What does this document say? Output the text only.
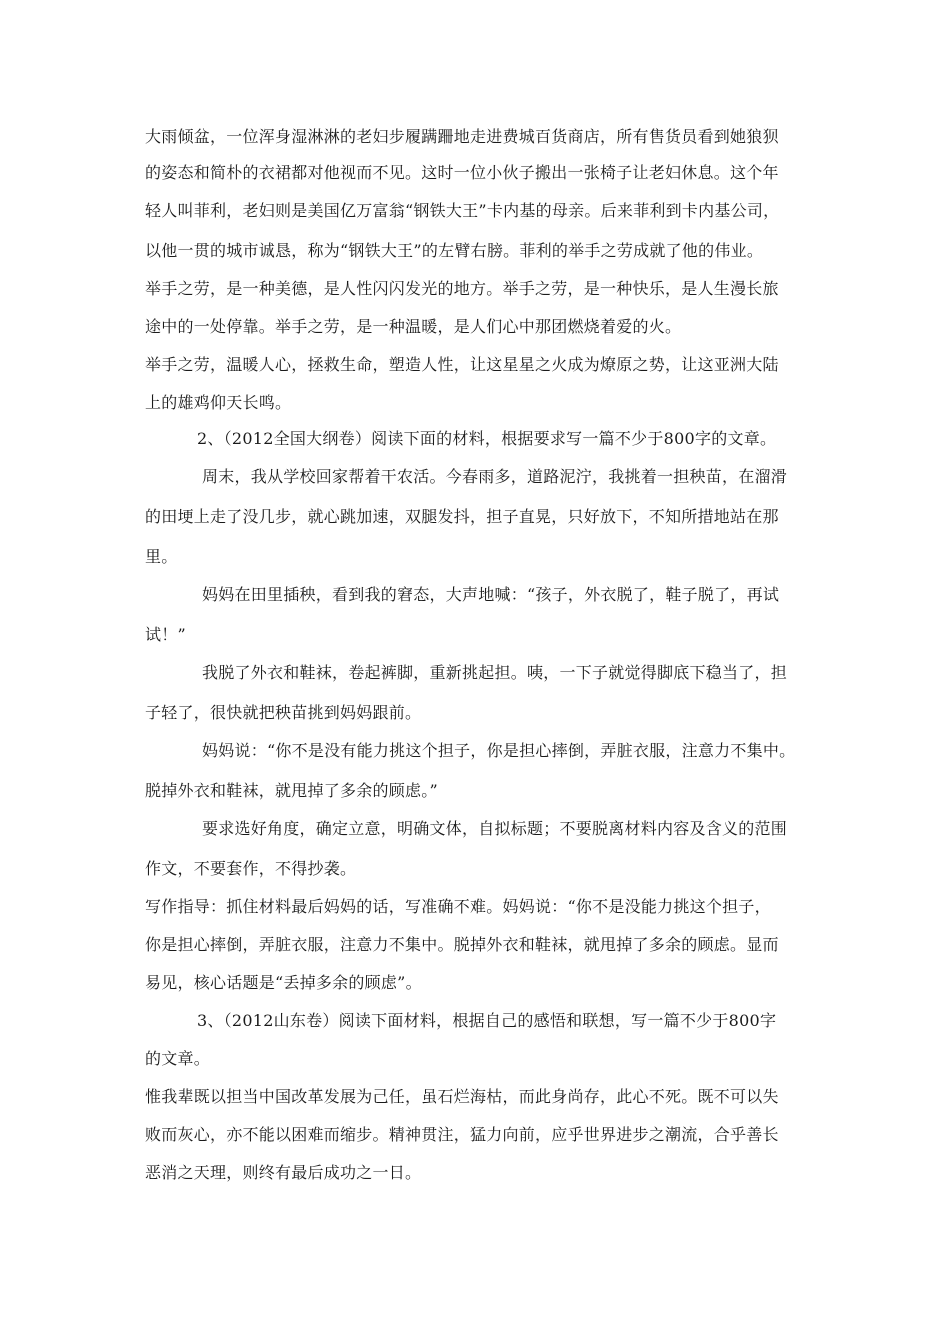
大雨倾盆，一位浑身湿淋淋的老妇步履蹒跚地走进费城百货商店，所有售货员看到她狼狈
的姿态和简朴的衣裙都对他视而不见。这时一位小伙子搬出一张椅子让老妇休息。这个年
轻人叫菲利，老妇则是美国亿万富翁“钢铁大王”卡内基的母亲。后来菲利到卡内基公司，
以他一贯的城市诚恳，称为“钢铁大王”的左臂右膀。菲利的举手之劳成就了他的伟业。
举手之劳，是一种美德，是人性闪闪发光的地方。举手之劳，是一种快乐，是人生漫长旅
途中的一处停靠。举手之劳，是一种温暖，是人们心中那团燃烧着爱的火。
举手之劳，温暖人心，拯救生命，塑造人性，让这星星之火成为燎原之势，让这亚洲大陆
上的雄鸡仰天长鸣。
2、（2012全国大纲卷）阅读下面的材料，根据要求写一篇不少于800字的文章。
周末，我从学校回家帮着干农活。今春雨多，道路泥泞，我挑着一担秧苗，在溜滑
的田埂上走了没几步，就心跳加速，双腿发抖，担子直晃，只好放下，不知所措地站在那
里。
妈妈在田里插秧，看到我的窘态，大声地喊：“孩子，外衣脱了，鞋子脱了，再试
试！”
我脱了外衣和鞋袜，卷起裤脚，重新挑起担。咦，一下子就觉得脚底下稳当了，担
子轻了，很快就把秧苗挑到妈妈跟前。
妈妈说：“你不是没有能力挑这个担子，你是担心摔倒，弄脏衣服，注意力不集中。
脱掉外衣和鞋袜，就甩掉了多余的顾虑。”
要求选好角度，确定立意，明确文体，自拟标题；不要脱离材料内容及含义的范围
作文，不要套作，不得抄袭。
写作指导：抓住材料最后妈妈的话，写准确不难。妈妈说：“你不是没能力挑这个担子，
你是担心摔倒，弄脏衣服，注意力不集中。脱掉外衣和鞋袜，就甩掉了多余的顾虑。显而
易见，核心话题是“丢掉多余的顾虑”。
3、（2012山东卷）阅读下面材料，根据自己的感悟和联想，写一篇不少于800字
的文章。
惟我辈既以担当中国改革发展为己任，虽石烂海枯，而此身尚存，此心不死。既不可以失
败而灰心，亦不能以困难而缩步。精神贯注，猛力向前，应乎世界进步之潮流，合乎善长
恶消之天理，则终有最后成功之一日。
